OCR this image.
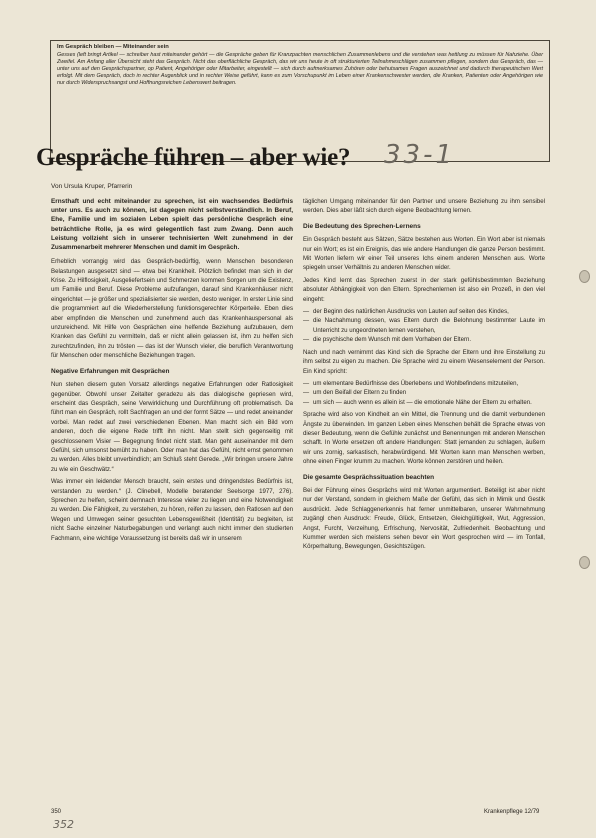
Im Gespräch bleiben — Miteinander sein

Gesses (left bringt Artikel — schreiber hast miteinander gehört — die Gespräche geben für Kranzpachten menschlichen Zusammenlebens und die verstehen was hettlung zu müssen für Nahziehe. Über Zweifel. Am Anfang aller Übersicht steht das Gespräch. Nicht das oberflächliche Gespräch, das wir uns heute in oft strukturierten Teilnahmeschlägen zusammen pflegen, sondern das Gespräch, das — unter uns auf den Gesprächspartner, op Patient, Angehöriger oder Mitarbeiter, eingestellt — sich durch aufmerksames Zuhören oder behutsames Fragen auszeichnet und dadurch therapeutischen Wert erfolgt. Mit dem Gespräch, doch in rechter Augenblick und in rechter Weise geführt, kann es zum Vorschupunkt im Leben einer Krankenschwester werden, die Kranken, Patienten oder Angehörigen wie nur durch Widerspruchsangst und Hoffnungsreichen Lebenswert beitragen.

Gespräche führen – aber wie? 33-1
Von Ursula Kruper, Pfarrerin

Ernsthaft und echt miteinander zu sprechen, ist ein wachsendes Bedürfnis unter uns. Es auch zu können, ist dagegen nicht selbstverständlich. In Beruf, Ehe, Familie und im sozialen Leben spielt das persönliche Gespräch eine beträchtliche Rolle, ja es wird gelegentlich fast zum Zwang. Denn auch Leistung vollzieht sich in unserer technisierten Welt zunehmend in der Zusammenarbeit mehrerer Menschen und damit im Gespräch.

Erheblich vorrangig wird das Gespräch-bedürftig, wenn Menschen besonderen Belastungen ausgesetzt sind — etwa bei Krankheit. Plötzlich befindet man sich in der Krise. Zu Hilflosigkeit, Ausgeliefertsein und Schmerzen kommen Sorgen um die Existenz, um Familie und Beruf. Diese Probleme aufzufangen, darauf sind Krankenhäuser nicht eingerichtet — je größer und spezialisierter sie werden, desto weniger. In erster Linie sind die programmiert auf die Wiederherstellung funktionsgerechter Körperteile. Eben dies aber empfinden die Menschen und zunehmend auch das Krankenhauspersonal als unzureichend. Mit Hilfe von Gesprächen eine helfende Beziehung aufzubauen, dem Kranken das Gefühl zu vermitteln, daß er nicht allein gelassen ist, ihm zu helfen sich zurechtzufinden, ihn zu trösten — das ist der Wunsch vieler, die beruflich Verantwortung für Menschen oder menschliche Beziehungen tragen.

Negative Erfahrungen mit Gesprächen

Nun stehen diesem guten Vorsatz allerdings negative Erfahrungen oder Ratlosigkeit gegenüber. Obwohl unser Zeitalter geradezu als das dialogische gepriesen wird, erscheint das Gespräch, seine Verwirklichung und Durchführung oft problematisch. Da führt man ein Gespräch, rollt Sachfragen an und der formt Sätze — und redet aneinander vorbei. Man redet auf zwei verschiedenen Ebenen. Man macht sich ein Bild vom anderen, doch die eigene Rede trifft ihn nicht. Man stellt sich gegenseitig mit geschlossenem Visier — Begegnung findet nicht statt. Man geht auseinander mit dem Gefühl, sich umsonst bemüht zu haben. Oder man hat das Gefühl, nicht ernst genommen zu werden. Alles bleibt unverbindlich; am Schluß steht Gerede. „Wir bringen unsere Jahre zu wie ein Geschwätz.“

Was immer ein leidender Mensch braucht, sein erstes und dringendstes Bedürfnis ist, verstanden zu werden.“ (J. Clinebell, Modelle beratender Seelsorge 1977, 276). Sprechen zu helfen, scheint demnach Interesse vieler zu liegen und eine Notwendigkeit zu werden. Die Fähigkeit, zu verstehen, zu hören, reifen zu lassen, den Ratlosen auf den Wegen und Umwegen seiner gesuchten Lebensgewißheit (Identität) zu begleiten, ist nicht Sache einzelner Naturbegabungen und verlangt auch nicht immer den studierten Fachmann, eine wichtige Voraussetzung ist bereits daß wir in unserem

täglichen Umgang miteinander für den Partner und unsere Beziehung zu ihm sensibel werden. Dies aber läßt sich durch eigene Beobachtung lernen.

Die Bedeutung des Sprechen-Lernens

Ein Gespräch besteht aus Sätzen, Sätze bestehen aus Worten. Ein Wort aber ist niemals nur ein Wort; es ist ein Ereignis, das wie andere Handlungen die ganze Person bestimmt. Mit Worten liefern wir einer Teil unseres Ichs einem anderen Menschen aus. Worte spiegeln unser Verhältnis zu anderen Menschen wider.

Jedes Kind lernt das Sprechen zuerst in der stark gefühlsbestimmten Beziehung absoluter Abhängigkeit von den Eltern. Sprechenlernen ist also ein Prozeß, in den viel eingeht:

— der Beginn des natürlichen Ausdrucks von Lauten auf seiten des Kindes,
— die Nachahmung dessen, was Eltern durch die Belohnung bestimmter Laute im Unterricht zu ungeordneten lernen verstehen,
— die psychische dem Wunsch mit dem Vorhaben der Eltern.

Nach und nach vernimmt das Kind sich die Sprache der Eltern und ihre Einstellung zu ihm selbst zu eigen zu machen. Die Sprache wird zu einem Wesenselement der Person. Ein Kind spricht:

— um elementare Bedürfnisse des Überlebens und Wohlbefindens mitzuteilen,
— um den Beifall der Eltern zu finden
— um sich — auch wenn es allein ist — die emotionale Nähe der Eltern zu erhalten.

Sprache wird also von Kindheit an ein Mittel, die Trennung und die damit verbundenen Ängste zu überwinden. Im ganzen Leben eines Menschen behält die Sprache etwas von dieser Bedeutung, wenn die Gefühle zunächst und Benennungen mit anderen Menschen schafft. In Worte ersetzen oft andere Handlungen: Statt jemanden zu schlagen, äußern wir uns zornig, sarkastisch, herabwürdigend. Mit Worten kann man Menschen werben, ohne einen Finger krumm zu machen. Worte können zerstören und heilen.

Die gesamte Gesprächssituation beachten

Bei der Führung eines Gesprächs wird mit Worten argumentiert. Beteiligt ist aber nicht nur der Verstand, sondern in gleichem Maße der Gefühl, das sich in Mimik und Gestik ausdrückt. Jede Schlaggenerkennis hat ferner unmittelbaren, unserer Wahrnehmung zugängl chen Ausdruck: Freude, Glück, Entsetzen, Gleichgültigkeit, Wut, Aggression, Angst, Furcht, Verzeihung, Erfrischung, Nervosität, Zufriedenheit. Beobachtung und Kummer werden sich meistens sehen bevor ein Wort gesprochen wird — im Tonfall, Körperhaltung, Bewegungen, Gesichtszügen.

350	Krankenpflege 12/79
352
